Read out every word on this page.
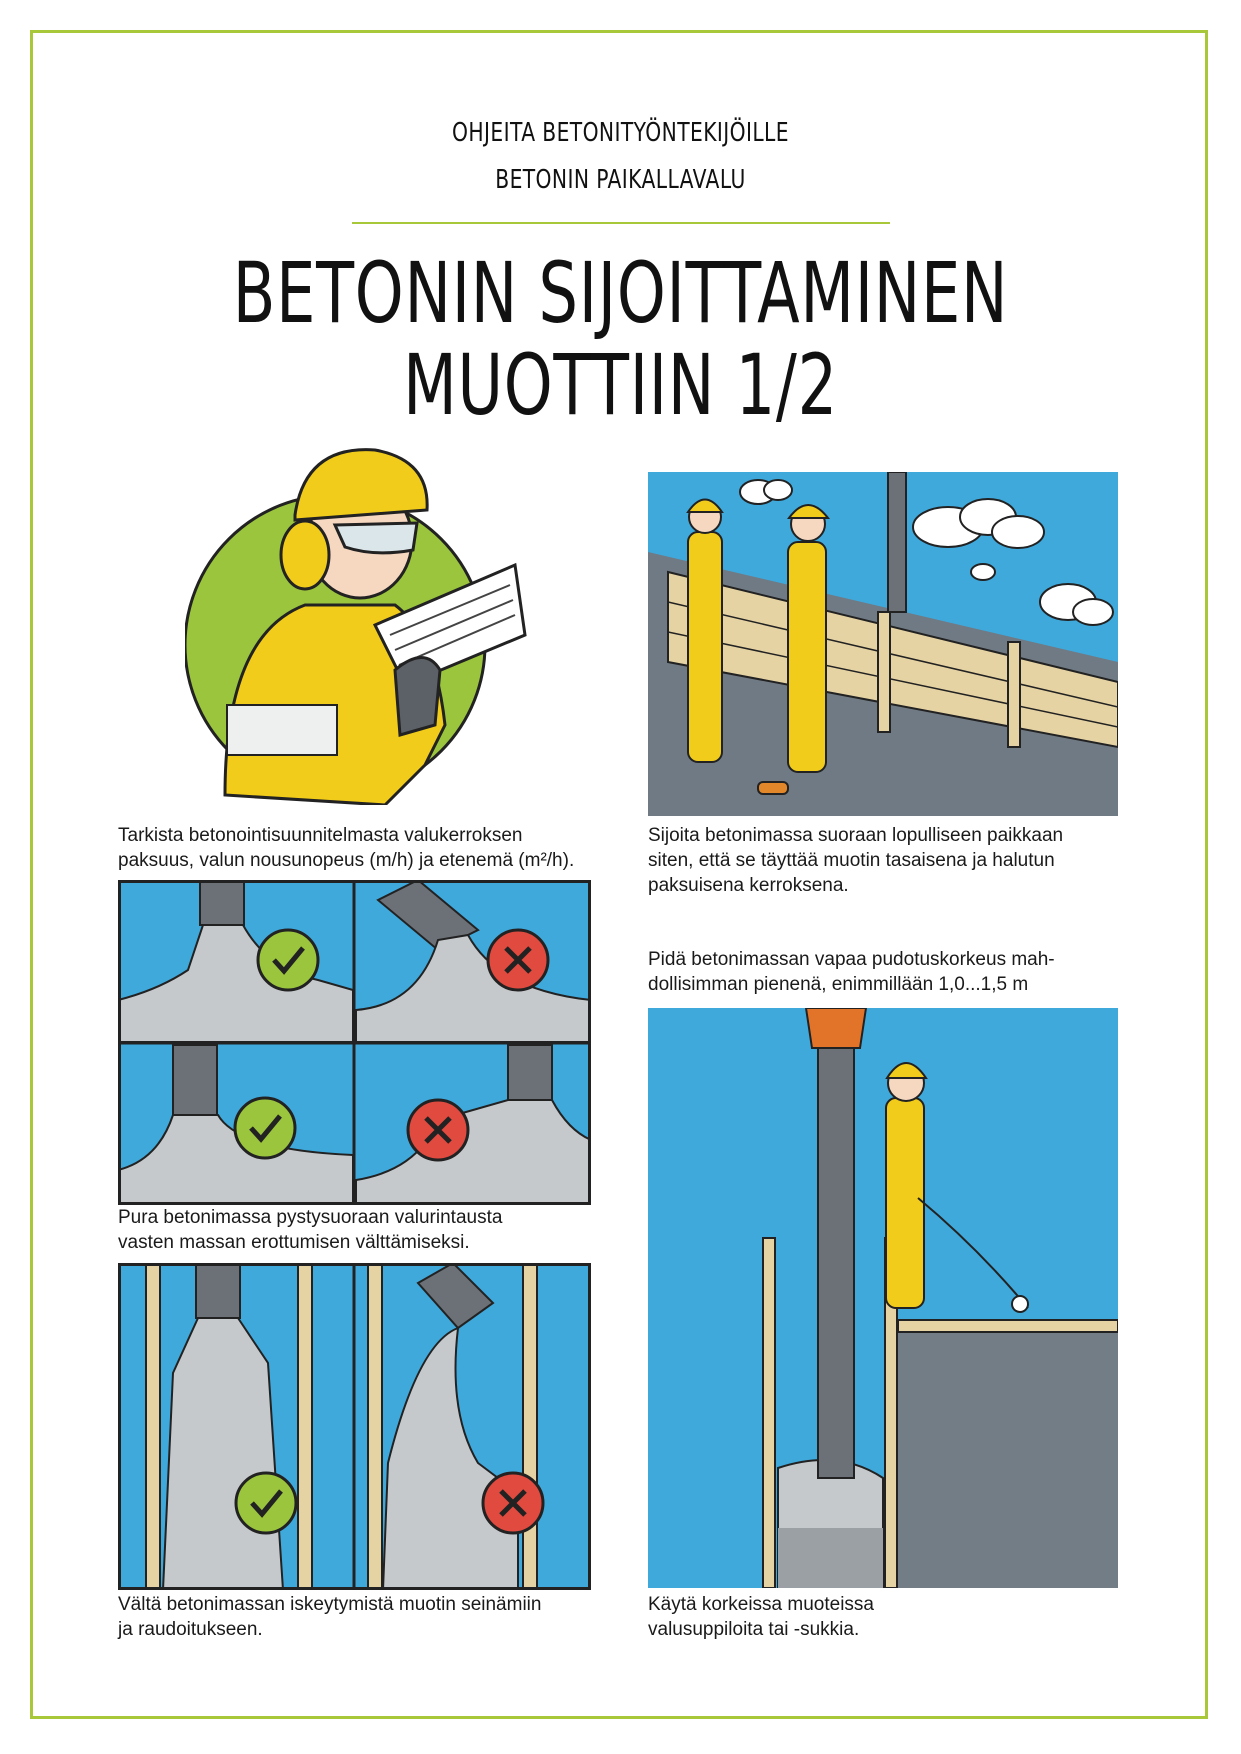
OHJEITA BETONITYÖNTEKIJÖILLE
BETONIN PAIKALLAVALU
BETONIN SIJOITTAMINEN
MUOTTIIN 1/2
Tarkista betonointisuunnitelmasta valukerroksen
paksuus, valun nousunopeus (m/h) ja etenemä (m²/h).
Sijoita betonimassa suoraan lopulliseen paikkaan
siten, että se täyttää muotin tasaisena ja halutun
paksuisena kerroksena.
Pidä betonimassan vapaa pudotuskorkeus mah-
dollisimman pienenä, enimmillään 1,0...1,5 m
Pura betonimassa pystysuoraan valurintausta
vasten massan erottumisen välttämiseksi.
Vältä betonimassan iskeytymistä muotin seinämiin
ja raudoitukseen.
Käytä korkeissa muoteissa
valusuppiloita tai -sukkia.
